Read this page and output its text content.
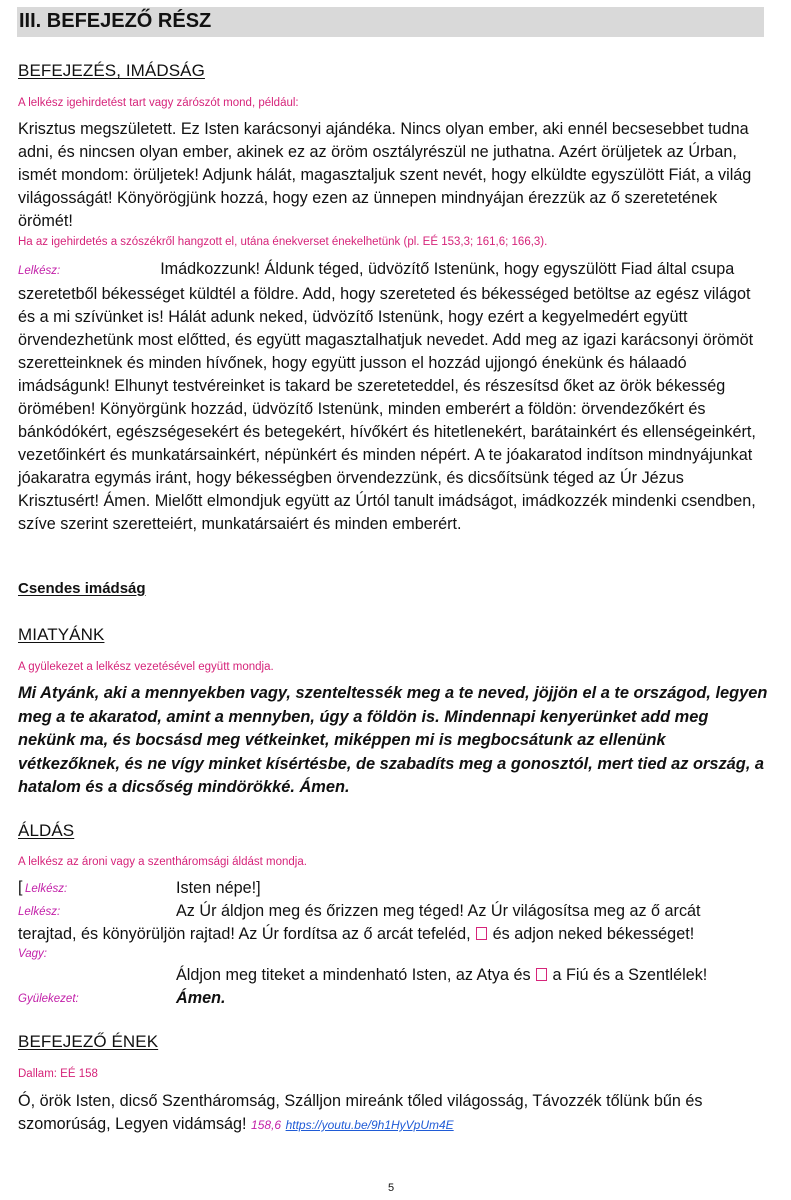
III. BEFEJEZŐ RÉSZ
BEFEJEZÉS, IMÁDSÁG
A lelkész igehirdetést tart vagy zárószót mond, például:
Krisztus megszületett. Ez Isten karácsonyi ajándéka. Nincs olyan ember, aki ennél becsesebbet tudna adni, és nincsen olyan ember, akinek ez az öröm osztályrészül ne juthatna. Azért örüljetek az Úrban, ismét mondom: örüljetek! Adjunk hálát, magasztaljuk szent nevét, hogy elküldte egyszülött Fiát, a világ világosságát! Könyörögjünk hozzá, hogy ezen az ünnepen mindnyájan érezzük az ő szeretetének örömét!
Ha az igehirdetés a szószékről hangzott el, utána énekverset énekelhetünk (pl. EÉ 153,3; 161,6; 166,3).
Lelkész:	Imádkozzunk! Áldunk téged, üdvözítő Istenünk, hogy egyszülött Fiad által csupa szeretetből békességet küldtél a földre. Add, hogy szereteted és békességed betöltse az egész világot és a mi szívünket is! Hálát adunk neked, üdvözítő Istenünk, hogy ezért a kegyelmedért együtt örvendezhetünk most előtted, és együtt magasztalhatjuk nevedet. Add meg az igazi karácsonyi örömöt szeretteinknek és minden hívőnek, hogy együtt jusson el hozzád ujjongó énekünk és hálaadó imádságunk! Elhunyt testvéreinket is takard be szereteteddel, és részesítsd őket az örök békesség örömében! Könyörgünk hozzád, üdvözítő Istenünk, minden emberért a földön: örvendezőkért és bánkódókért, egészségesekért és betegekért, hívőkért és hitetlenekért, barátainkért és ellenségeinkért, vezetőinkért és munkatársainkért, népünkért és minden népért. A te jóakaratod indítson mindnyájunkat jóakaratra egymás iránt, hogy békességben örvendezzünk, és dicsőítsünk téged az Úr Jézus Krisztusért! Ámen. Mielőtt elmondjuk együtt az Úrtól tanult imádságot, imádkozzék mindenki csendben, szíve szerint szeretteiért, munkatársaiért és minden emberért.
Csendes imádság
MIATYÁNK
A gyülekezet a lelkész vezetésével együtt mondja.
Mi Atyánk, aki a mennyekben vagy, szenteltessék meg a te neved, jöjjön el a te országod, legyen meg a te akaratod, amint a mennyben, úgy a földön is. Mindennapi kenyerünket add meg nekünk ma, és bocsásd meg vétkeinket, miképpen mi is megbocsátunk az ellenünk vétkezőknek, és ne vígy minket kísértésbe, de szabadíts meg a gonosztól, mert tied az ország, a hatalom és a dicsőség mindörökké. Ámen.
ÁLDÁS
A lelkész az ároni vagy a szentháromsági áldást mondja.
[ Lelkész:	Isten népe!]
Lelkész:	Az Úr áldjon meg és őrizzen meg téged! Az Úr világosítsa meg az ő arcát
terajtad, és könyörüljön rajtad! Az Úr fordítsa az ő arcát tefeléd, és adjon neked békességet!
Vagy:
Áldjon meg titeket a mindenható Isten, az Atya és a Fiú és a Szentlélek!
Gyülekezet:	Ámen.
BEFEJEZŐ ÉNEK
Dallam: EÉ 158
Ó, örök Isten, dicső Szentháromság, Szálljon mireánk tőled világosság, Távozzék tőlünk bűn és szomorúság, Legyen vidámság! 158,6 https://youtu.be/9h1HyVpUm4E
5
